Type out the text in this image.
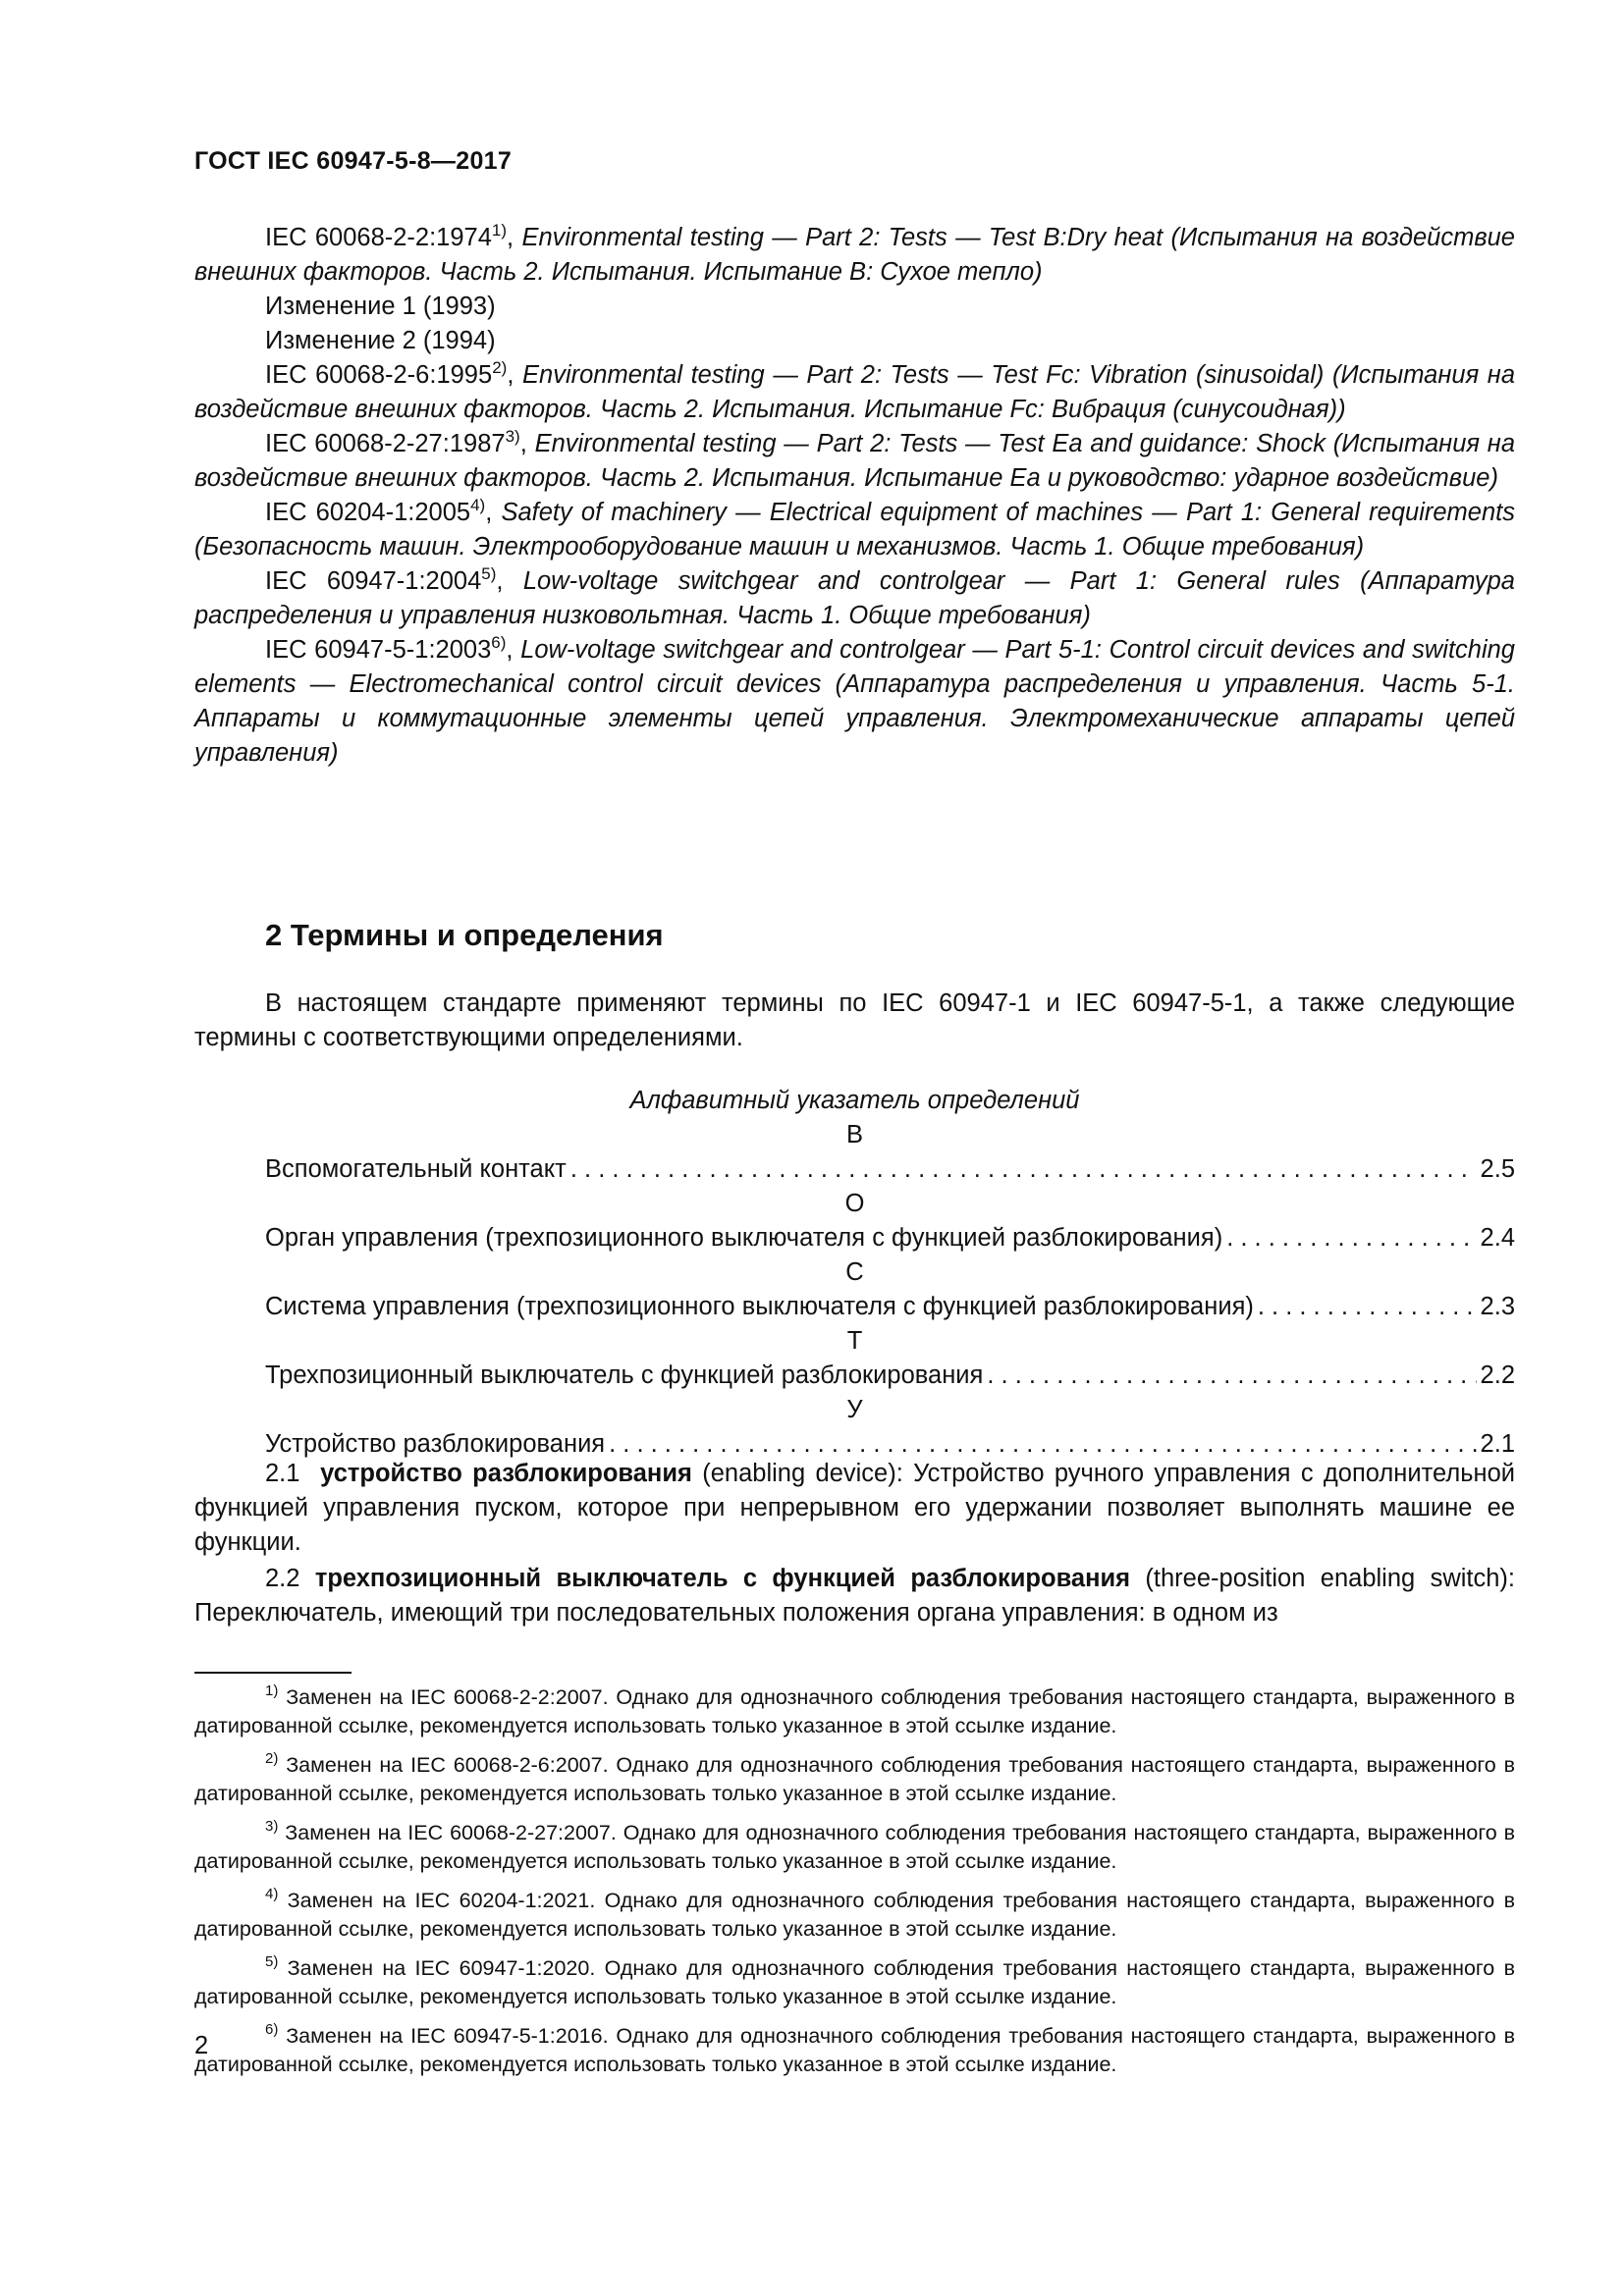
ГОСТ IEC 60947-5-8—2017

IEC 60068-2-2:1974$^{1)}$, Environmental testing — Part 2: Tests — Test B:Dry heat (Испытания на воздействие внешних факторов. Часть 2. Испытания. Испытание B: Сухое тепло)

Изменение 1 (1993)

Изменение 2 (1994)

IEC 60068-2-6:1995$^{2)}$, Environmental testing — Part 2: Tests — Test Fc: Vibration (sinusoidal) (Испытания на воздействие внешних факторов. Часть 2. Испытания. Испытание Fc: Вибрация (синусоидная))

IEC 60068-2-27:1987$^{3)}$, Environmental testing — Part 2: Tests — Test Ea and guidance: Shock (Испытания на воздействие внешних факторов. Часть 2. Испытания. Испытание Ea и руководство: ударное воздействие)

IEC 60204-1:2005$^{4)}$, Safety of machinery — Electrical equipment of machines — Part 1: General requirements (Безопасность машин. Электрооборудование машин и механизмов. Часть 1. Общие требования)

IEC 60947-1:2004$^{5)}$, Low-voltage switchgear and controlgear — Part 1: General rules (Аппаратура распределения и управления низковольтная. Часть 1. Общие требования)

IEC 60947-5-1:2003$^{6)}$, Low-voltage switchgear and controlgear — Part 5-1: Control circuit devices and switching elements — Electromechanical control circuit devices (Аппаратура распределения и управления. Часть 5-1. Аппараты и коммутационные элементы цепей управления. Электромеханические аппараты цепей управления)

2 Термины и определения

В настоящем стандарте применяют термины по IEC 60947-1 и IEC 60947-5-1, а также следующие термины с соответствующими определениями.

Алфавитный указатель определений
В
Вспомогательный контакт . . .	2.5
О
Орган управления (трехпозиционного выключателя с функцией разблокирования) . . .	2.4
С
Система управления (трехпозиционного выключателя с функцией разблокирования) . . .	2.3
Т
Трехпозиционный выключатель с функцией разблокирования . . .	2.2
У
Устройство разблокирования . . .	2.1

2.1 устройство разблокирования (enabling device): Устройство ручного управления с дополнительной функцией управления пуском, которое при непрерывном его удержании позволяет выполнять машине ее функции.

2.2 трехпозиционный выключатель с функцией разблокирования (three-position enabling switch): Переключатель, имеющий три последовательных положения органа управления: в одном из

$^{1)}$ Заменен на IEC 60068-2-2:2007. Однако для однозначного соблюдения требования настоящего стандарта, выраженного в датированной ссылке, рекомендуется использовать только указанное в этой ссылке издание.

$^{2)}$ Заменен на IEC 60068-2-6:2007. Однако для однозначного соблюдения требования настоящего стандарта, выраженного в датированной ссылке, рекомендуется использовать только указанное в этой ссылке издание.

$^{3)}$ Заменен на IEC 60068-2-27:2007. Однако для однозначного соблюдения требования настоящего стандарта, выраженного в датированной ссылке, рекомендуется использовать только указанное в этой ссылке издание.

$^{4)}$ Заменен на IEC 60204-1:2021. Однако для однозначного соблюдения требования настоящего стандарта, выраженного в датированной ссылке, рекомендуется использовать только указанное в этой ссылке издание.

$^{5)}$ Заменен на IEC 60947-1:2020. Однако для однозначного соблюдения требования настоящего стандарта, выраженного в датированной ссылке, рекомендуется использовать только указанное в этой ссылке издание.

$^{6)}$ Заменен на IEC 60947-5-1:2016. Однако для однозначного соблюдения требования настоящего стандарта, выраженного в датированной ссылке, рекомендуется использовать только указанное в этой ссылке издание.

2
